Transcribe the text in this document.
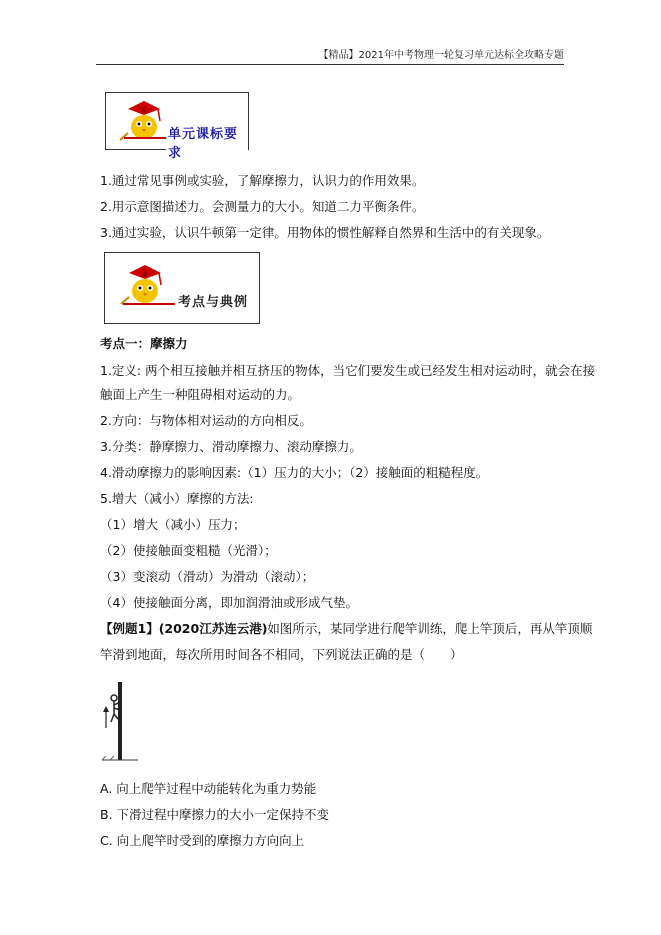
【精品】2021年中考物理一轮复习单元达标全攻略专题
单元课标要求
1.通过常见事例或实验，了解摩擦力，认识力的作用效果。
2.用示意图描述力。会测量力的大小。知道二力平衡条件。
3.通过实验，认识牛顿第一定律。用物体的惯性解释自然界和生活中的有关现象。
考点与典例
考点一：摩擦力
1.定义: 两个相互接触并相互挤压的物体，当它们要发生或已经发生相对运动时，就会在接
触面上产生一种阻碍相对运动的力。
2.方向：与物体相对运动的方向相反。
3.分类：静摩擦力、滑动摩擦力、滚动摩擦力。
4.滑动摩擦力的影响因素:（1）压力的大小；（2）接触面的粗糙程度。
5.增大（减小）摩擦的方法:
（1）增大（减小）压力；
（2）使接触面变粗糙（光滑）；
（3）变滚动（滑动）为滑动（滚动）；
（4）使接触面分离，即加润滑油或形成气垫。
【例题1】(2020江苏连云港)如图所示，某同学进行爬竿训练，爬上竿顶后，再从竿顶顺
竿滑到地面，每次所用时间各不相同，下列说法正确的是（　　）
A. 向上爬竿过程中动能转化为重力势能
B. 下滑过程中摩擦力的大小一定保持不变
C. 向上爬竿时受到的摩擦力方向向上
